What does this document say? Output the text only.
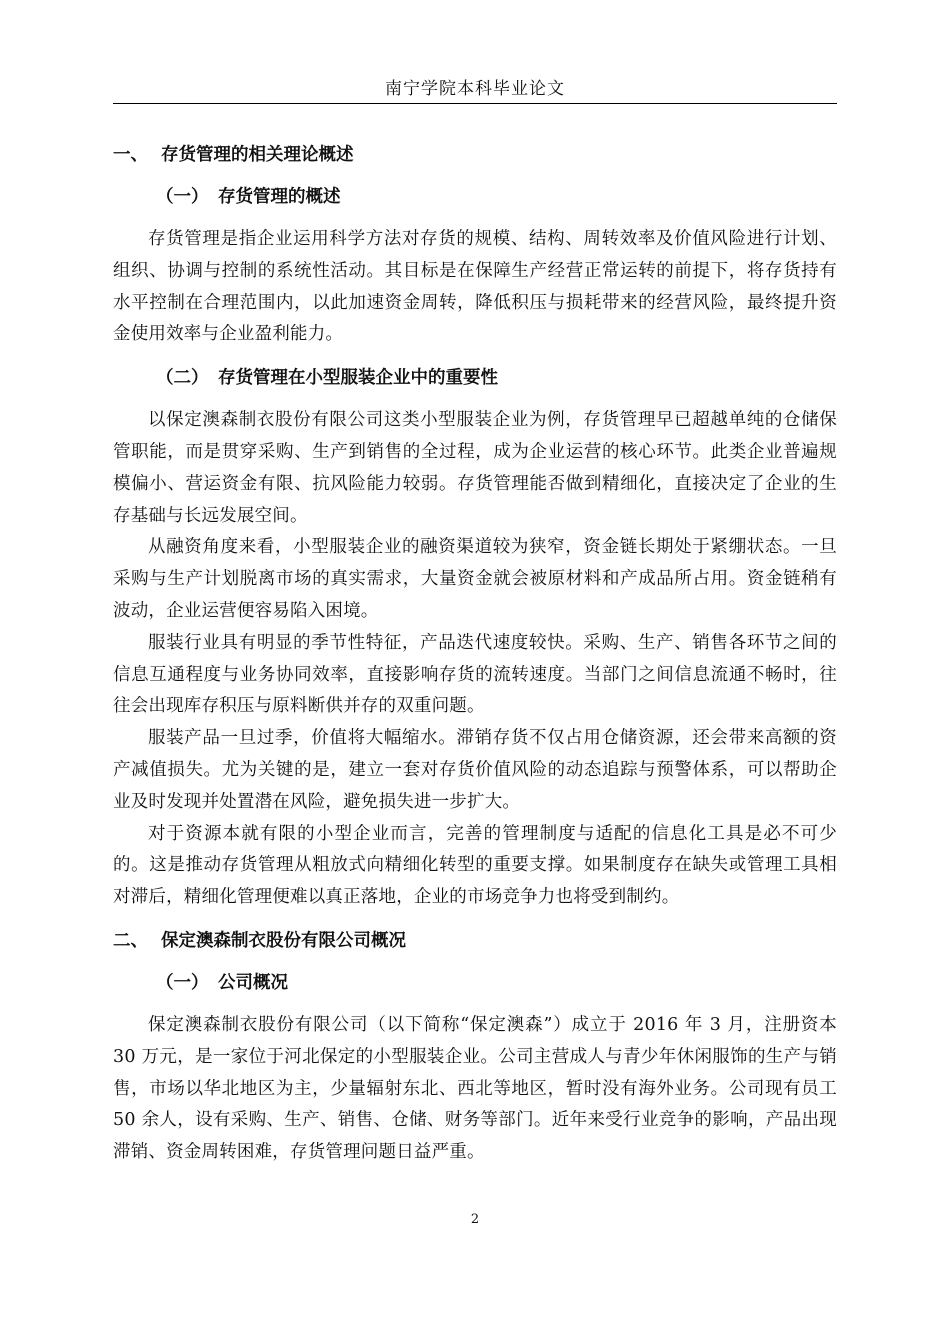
南宁学院本科毕业论文
一、 存货管理的相关理论概述
（一） 存货管理的概述

存货管理是指企业运用科学方法对存货的规模、结构、周转效率及价值风险进行计划、组织、协调与控制的系统性活动。其目标是在保障生产经营正常运转的前提下，将存货持有水平控制在合理范围内，以此加速资金周转，降低积压与损耗带来的经营风险，最终提升资金使用效率与企业盈利能力。

（二） 存货管理在小型服装企业中的重要性

以保定澳森制衣股份有限公司这类小型服装企业为例，存货管理早已超越单纯的仓储保管职能，而是贯穿采购、生产到销售的全过程，成为企业运营的核心环节。此类企业普遍规模偏小、营运资金有限、抗风险能力较弱。存货管理能否做到精细化，直接决定了企业的生存基础与长远发展空间。

从融资角度来看，小型服装企业的融资渠道较为狭窄，资金链长期处于紧绷状态。一旦采购与生产计划脱离市场的真实需求，大量资金就会被原材料和产成品所占用。资金链稍有波动，企业运营便容易陷入困境。

服装行业具有明显的季节性特征，产品迭代速度较快。采购、生产、销售各环节之间的信息互通程度与业务协同效率，直接影响存货的流转速度。当部门之间信息流通不畅时，往往会出现库存积压与原料断供并存的双重问题。

服装产品一旦过季，价值将大幅缩水。滞销存货不仅占用仓储资源，还会带来高额的资产减值损失。尤为关键的是，建立一套对存货价值风险的动态追踪与预警体系，可以帮助企业及时发现并处置潜在风险，避免损失进一步扩大。

对于资源本就有限的小型企业而言，完善的管理制度与适配的信息化工具是必不可少的。这是推动存货管理从粗放式向精细化转型的重要支撑。如果制度存在缺失或管理工具相对滞后，精细化管理便难以真正落地，企业的市场竞争力也将受到制约。

二、 保定澳森制衣股份有限公司概况
（一） 公司概况

保定澳森制衣股份有限公司（以下简称“保定澳森”）成立于 2016 年 3 月，注册资本 30 万元，是一家位于河北保定的小型服装企业。公司主营成人与青少年休闲服饰的生产与销售，市场以华北地区为主，少量辐射东北、西北等地区，暂时没有海外业务。公司现有员工 50 余人，设有采购、生产、销售、仓储、财务等部门。近年来受行业竞争的影响，产品出现滞销、资金周转困难，存货管理问题日益严重。

2
